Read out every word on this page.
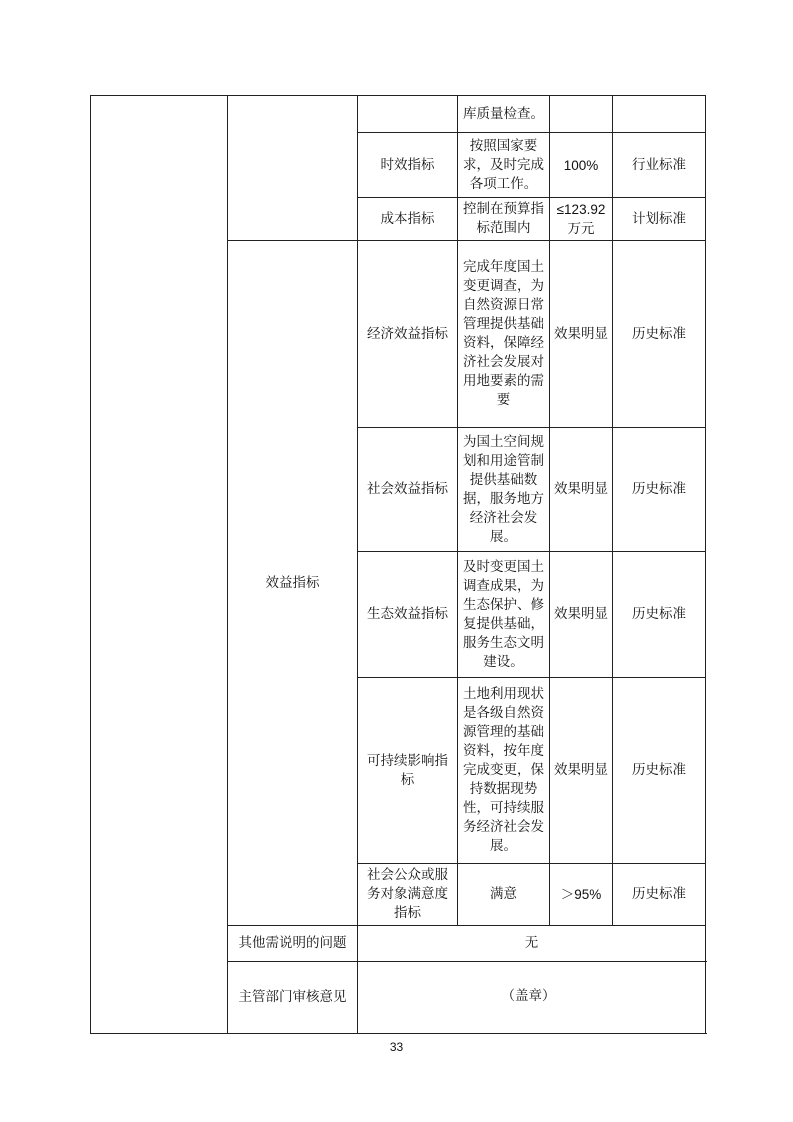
			库质量检查。		
		时效指标	按照国家要求，及时完成各项工作。	100%	行业标准
		成本指标	控制在预算指标范围内	≤123.92万元	计划标准
	效益指标	经济效益指标	完成年度国土变更调查，为自然资源日常管理提供基础资料，保障经济社会发展对用地要素的需要	效果明显	历史标准
		社会效益指标	为国土空间规划和用途管制提供基础数据，服务地方经济社会发展。	效果明显	历史标准
		生态效益指标	及时变更国土调查成果，为生态保护、修复提供基础，服务生态文明建设。	效果明显	历史标准
		可持续影响指标	土地利用现状是各级自然资源管理的基础资料，按年度完成变更，保持数据现势性，可持续服务经济社会发展。	效果明显	历史标准
		社会公众或服务对象满意度指标	满意	＞95%	历史标准
	其他需说明的问题	无			
	主管部门审核意见	（盖章）			
33
